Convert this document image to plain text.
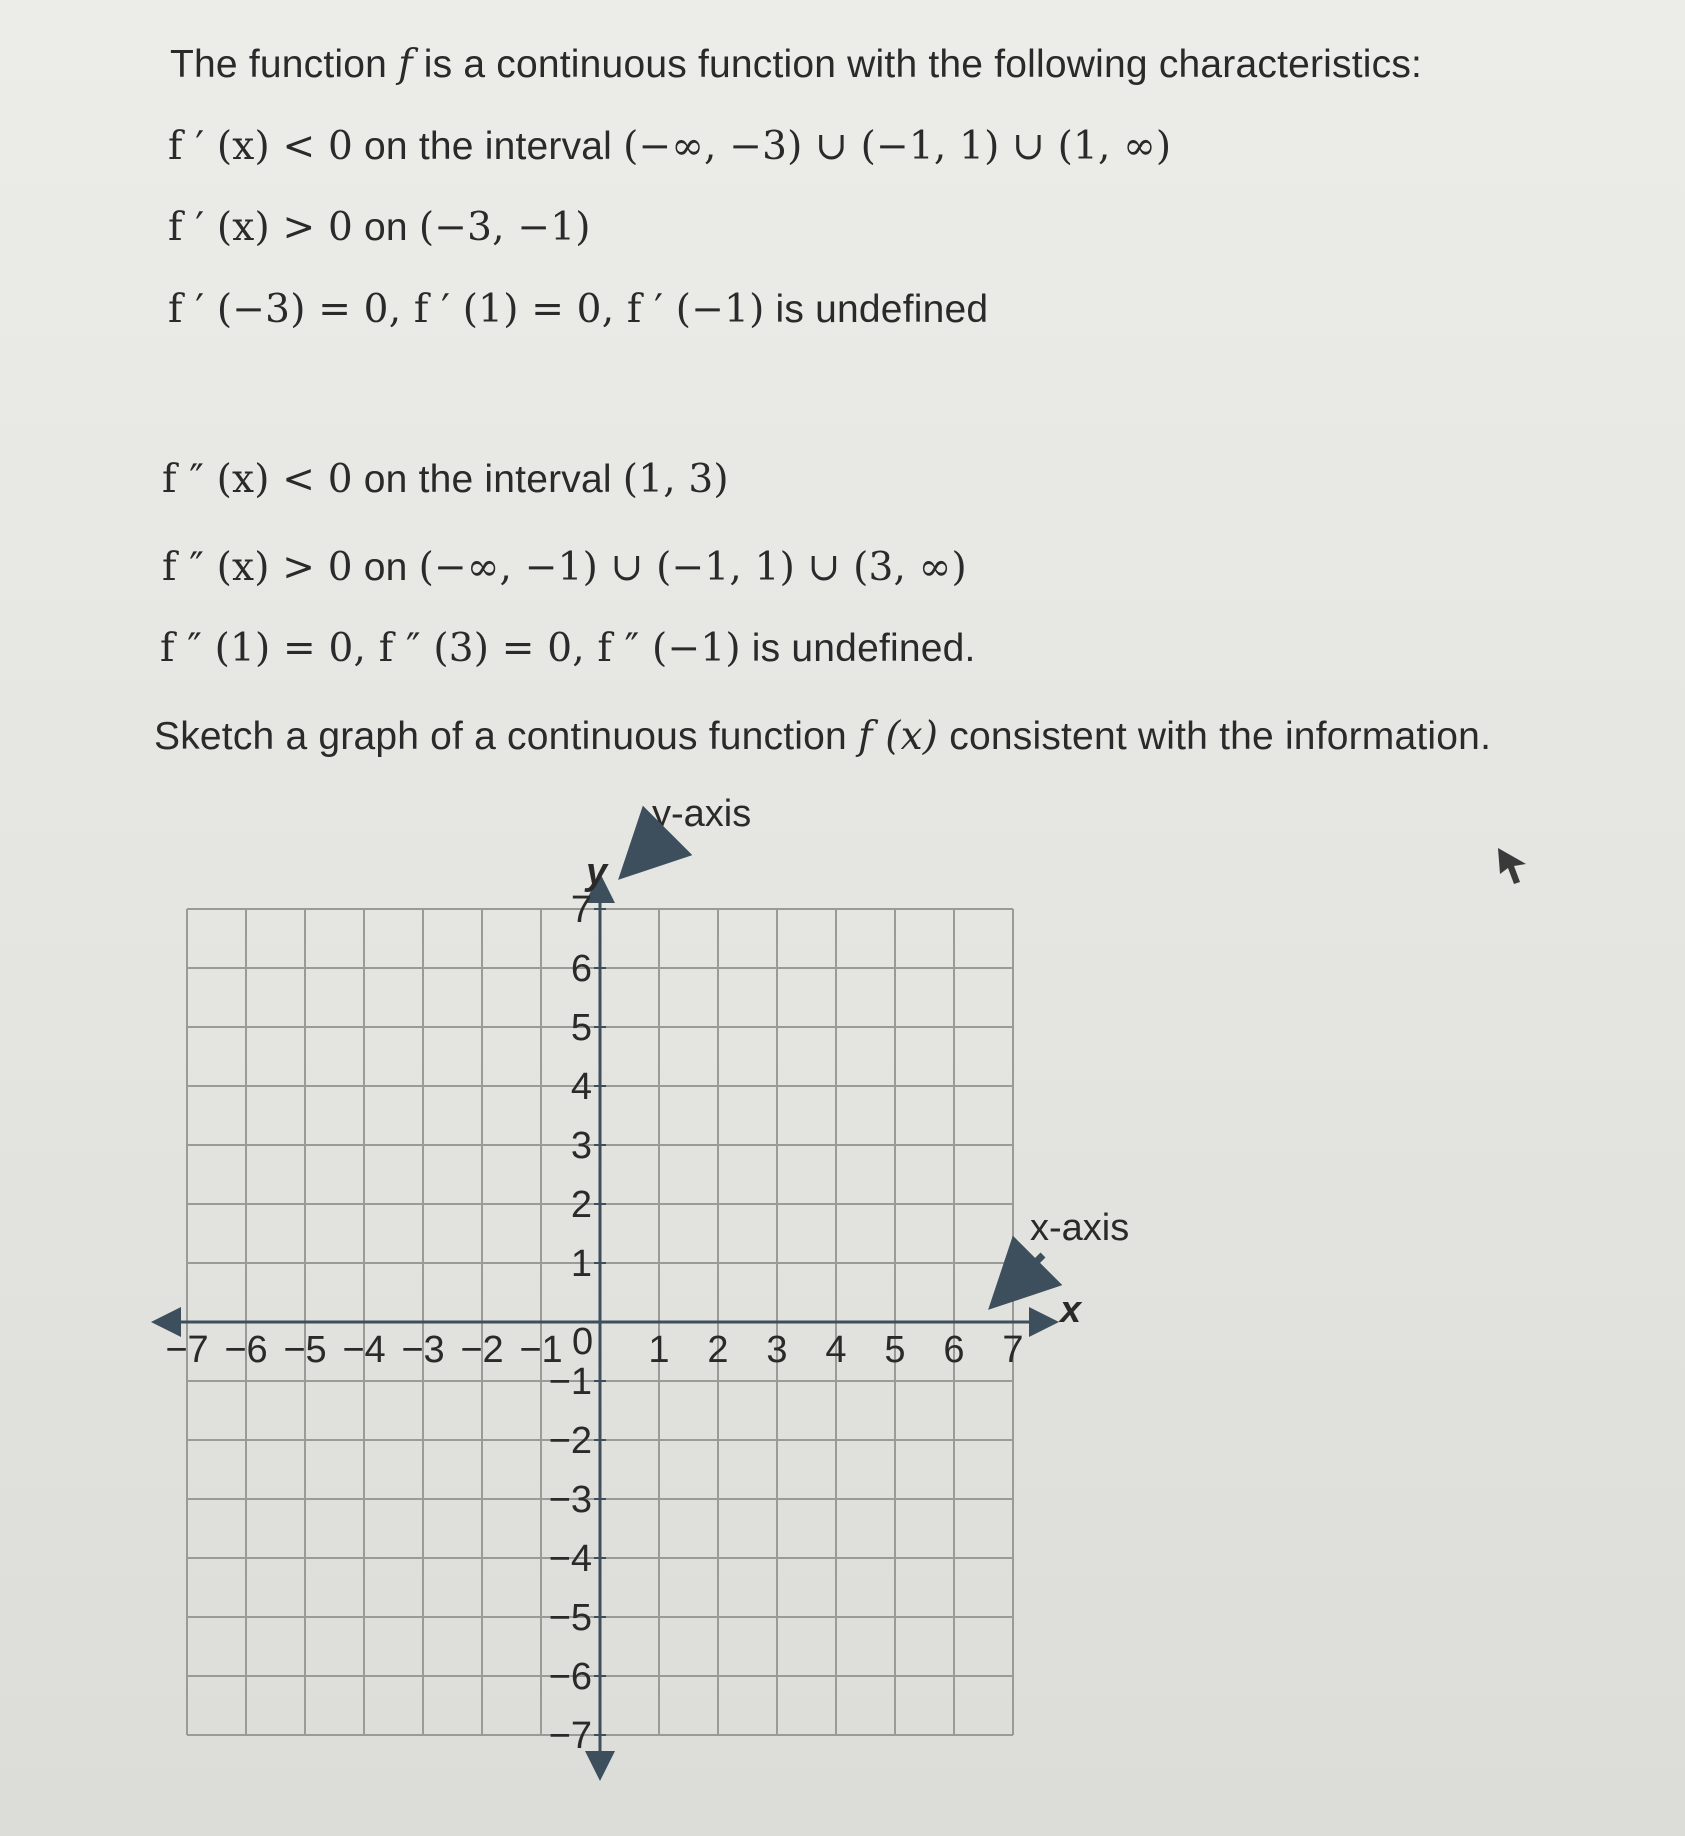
The function f is a continuous function with the following characteristics:
f ′ (x) < 0 on the interval (−∞, −3) ∪ (−1, 1) ∪ (1, ∞)
f ′ (x) > 0 on (−3, −1)
f ′ (−3) = 0, f ′ (1) = 0, f ′ (−1) is undefined
f ″ (x) < 0 on the interval (1, 3)
f ″ (x) > 0 on (−∞, −1) ∪ (−1, 1) ∪ (3, ∞)
f ″ (1) = 0, f ″ (3) = 0, f ″ (−1) is undefined.
Sketch a graph of a continuous function f (x) consistent with the information.
−7 −6 −5 −4 −3 −2 −1 1 2 3 4 5 6 7
7
6
5
4
3
2
1
−1
−2
−3
−4
−5
−6
−7
y-axis
x-axis
y
x
0
